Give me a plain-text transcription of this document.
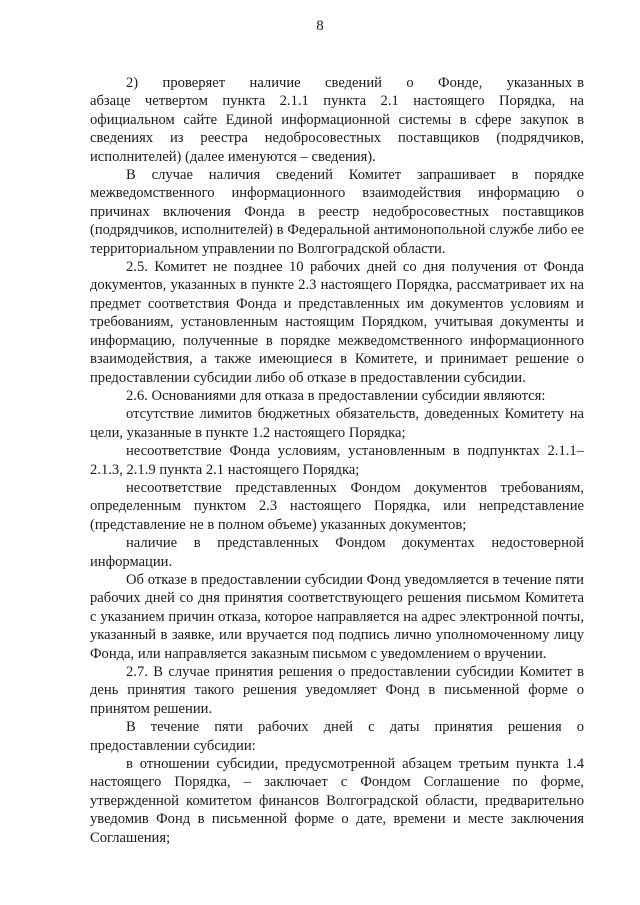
8

2)     проверяет     наличие     сведений     о     Фонде,     указанных в абзаце четвертом пункта 2.1.1 пункта 2.1 настоящего Порядка, на официальном сайте Единой информационной системы в сфере закупок в сведениях из реестра недобросовестных поставщиков (подрядчиков, исполнителей) (далее именуются – сведения).

В случае наличия сведений Комитет запрашивает в порядке межведомственного информационного взаимодействия информацию о причинах включения Фонда в реестр недобросовестных поставщиков (подрядчиков, исполнителей) в Федеральной антимонопольной службе либо ее территориальном управлении по Волгоградской области.

2.5. Комитет не позднее 10 рабочих дней со дня получения от Фонда документов, указанных в пункте 2.3 настоящего Порядка, рассматривает их на предмет соответствия Фонда и представленных им документов условиям и требованиям, установленным настоящим Порядком, учитывая документы и информацию, полученные в порядке межведомственного информационного взаимодействия, а также имеющиеся в Комитете, и принимает решение о предоставлении субсидии либо об отказе в предоставлении субсидии.

2.6. Основаниями для отказа в предоставлении субсидии являются:

отсутствие лимитов бюджетных обязательств, доведенных Комитету на цели, указанные в пункте 1.2 настоящего Порядка;

несоответствие Фонда условиям, установленным в подпунктах 2.1.1–2.1.3, 2.1.9 пункта 2.1 настоящего Порядка;

несоответствие представленных Фондом документов требованиям, определенным пунктом 2.3 настоящего Порядка, или непредставление (представление не в полном объеме) указанных документов;

наличие в представленных Фондом документах недостоверной информации.

Об отказе в предоставлении субсидии Фонд уведомляется в течение пяти рабочих дней со дня принятия соответствующего решения письмом Комитета с указанием причин отказа, которое направляется на адрес электронной почты, указанный в заявке, или вручается под подпись лично уполномоченному лицу Фонда, или направляется заказным письмом с уведомлением о вручении.

2.7. В случае принятия решения о предоставлении субсидии Комитет в день принятия такого решения уведомляет Фонд в письменной форме о принятом решении.

В течение пяти рабочих дней с даты принятия решения о предоставлении субсидии:

в отношении субсидии, предусмотренной абзацем третьим пункта 1.4 настоящего Порядка, – заключает с Фондом Соглашение по форме, утвержденной комитетом финансов Волгоградской области, предварительно уведомив Фонд в письменной форме о дате, времени и месте заключения Соглашения;
